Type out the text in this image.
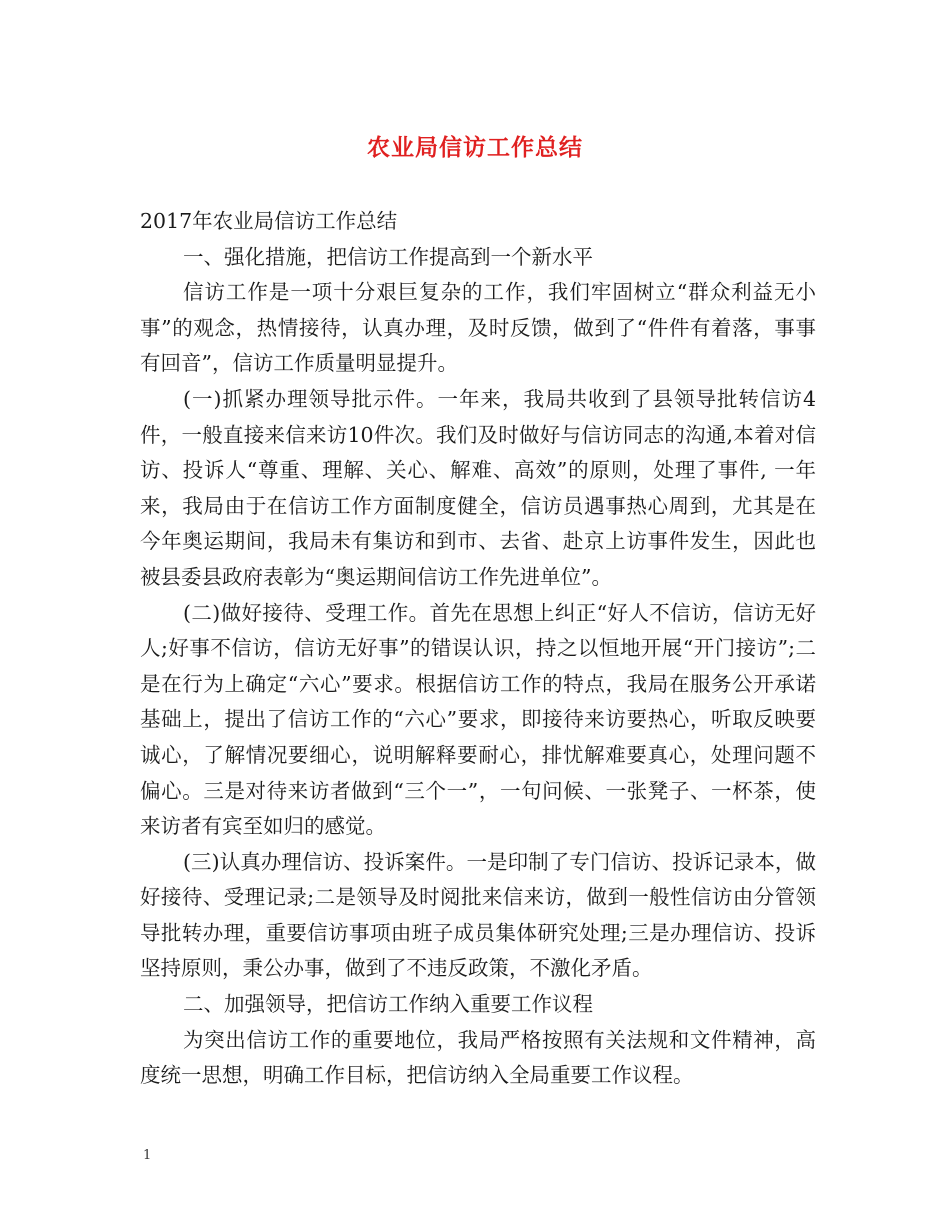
农业局信访工作总结

2017年农业局信访工作总结

一、强化措施，把信访工作提高到一个新水平

信访工作是一项十分艰巨复杂的工作，我们牢固树立“群众利益无小事”的观念，热情接待，认真办理，及时反馈，做到了“件件有着落，事事有回音”，信访工作质量明显提升。

(一)抓紧办理领导批示件。一年来，我局共收到了县领导批转信访4件，一般直接来信来访10件次。我们及时做好与信访同志的沟通,本着对信访、投诉人“尊重、理解、关心、解难、高效”的原则，处理了事件, 一年来，我局由于在信访工作方面制度健全，信访员遇事热心周到，尤其是在今年奥运期间，我局未有集访和到市、去省、赴京上访事件发生，因此也被县委县政府表彰为“奥运期间信访工作先进单位”。

(二)做好接待、受理工作。首先在思想上纠正“好人不信访，信访无好人;好事不信访，信访无好事”的错误认识，持之以恒地开展“开门接访”;二是在行为上确定“六心”要求。根据信访工作的特点，我局在服务公开承诺基础上，提出了信访工作的“六心”要求，即接待来访要热心，听取反映要诚心，了解情况要细心，说明解释要耐心，排忧解难要真心，处理问题不偏心。三是对待来访者做到“三个一”，一句问候、一张凳子、一杯茶，使来访者有宾至如归的感觉。

(三)认真办理信访、投诉案件。一是印制了专门信访、投诉记录本，做好接待、受理记录;二是领导及时阅批来信来访，做到一般性信访由分管领导批转办理，重要信访事项由班子成员集体研究处理;三是办理信访、投诉坚持原则，秉公办事，做到了不违反政策，不激化矛盾。

二、加强领导，把信访工作纳入重要工作议程

为突出信访工作的重要地位，我局严格按照有关法规和文件精神，高度统一思想，明确工作目标，把信访纳入全局重要工作议程。

1
